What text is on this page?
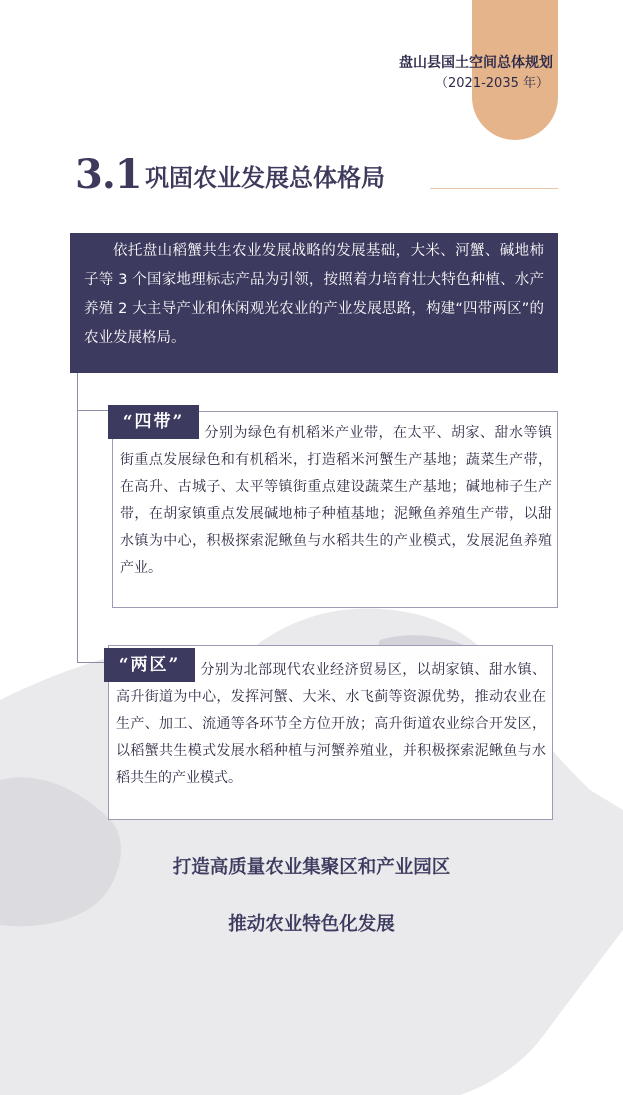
盘山县国土空间总体规划
（2021-2035 年）
3.1 巩固农业发展总体格局
依托盘山稻蟹共生农业发展战略的发展基础，大米、河蟹、碱地柿子等 3 个国家地理标志产品为引领，按照着力培育壮大特色种植、水产养殖 2 大主导产业和休闲观光农业的产业发展思路，构建“四带两区”的农业发展格局。
“四带”
分别为绿色有机稻米产业带，在太平、胡家、甜水等镇街重点发展绿色和有机稻米，打造稻米河蟹生产基地；蔬菜生产带，在高升、古城子、太平等镇街重点建设蔬菜生产基地；碱地柿子生产带，在胡家镇重点发展碱地柿子种植基地；泥鳅鱼养殖生产带，以甜水镇为中心，积极探索泥鳅鱼与水稻共生的产业模式，发展泥鱼养殖产业。
“两区”	分别为北部现代农业经济贸易区，以胡家镇、甜水镇、高升街道为中心，发挥河蟹、大米、水飞蓟等资源优势，推动农业在生产、加工、流通等各环节全方位开放；高升街道农业综合开发区，以稻蟹共生模式发展水稻种植与河蟹养殖业，并积极探索泥鳅鱼与水稻共生的产业模式。
打造高质量农业集聚区和产业园区
推动农业特色化发展
